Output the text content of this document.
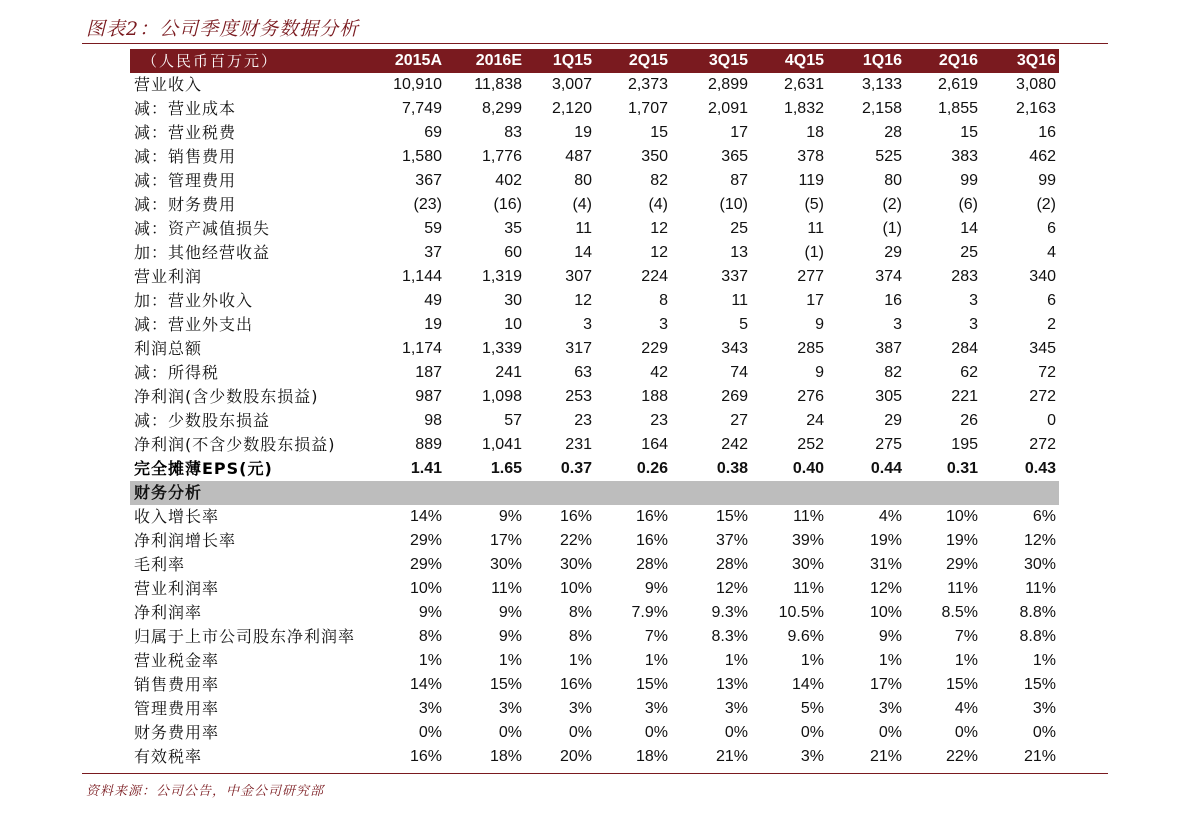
图表2：公司季度财务数据分析
（人民币百万元）	2015A	2016E	1Q15	2Q15	3Q15	4Q15	1Q16	2Q16	3Q16
营业收入	10,910	11,838	3,007	2,373	2,899	2,631	3,133	2,619	3,080
减：营业成本	7,749	8,299	2,120	1,707	2,091	1,832	2,158	1,855	2,163
减：营业税费	69	83	19	15	17	18	28	15	16
减：销售费用	1,580	1,776	487	350	365	378	525	383	462
减：管理费用	367	402	80	82	87	119	80	99	99
减：财务费用	(23)	(16)	(4)	(4)	(10)	(5)	(2)	(6)	(2)
减：资产减值损失	59	35	11	12	25	11	(1)	14	6
加：其他经营收益	37	60	14	12	13	(1)	29	25	4
营业利润	1,144	1,319	307	224	337	277	374	283	340
加：营业外收入	49	30	12	8	11	17	16	3	6
减：营业外支出	19	10	3	3	5	9	3	3	2
利润总额	1,174	1,339	317	229	343	285	387	284	345
减：所得税	187	241	63	42	74	9	82	62	72
净利润(含少数股东损益)	987	1,098	253	188	269	276	305	221	272
减：少数股东损益	98	57	23	23	27	24	29	26	0
净利润(不含少数股东损益)	889	1,041	231	164	242	252	275	195	272
完全摊薄EPS(元)	1.41	1.65	0.37	0.26	0.38	0.40	0.44	0.31	0.43
财务分析
收入增长率	14%	9%	16%	16%	15%	11%	4%	10%	6%
净利润增长率	29%	17%	22%	16%	37%	39%	19%	19%	12%
毛利率	29%	30%	30%	28%	28%	30%	31%	29%	30%
营业利润率	10%	11%	10%	9%	12%	11%	12%	11%	11%
净利润率	9%	9%	8%	7.9%	9.3%	10.5%	10%	8.5%	8.8%
归属于上市公司股东净利润率	8%	9%	8%	7%	8.3%	9.6%	9%	7%	8.8%
营业税金率	1%	1%	1%	1%	1%	1%	1%	1%	1%
销售费用率	14%	15%	16%	15%	13%	14%	17%	15%	15%
管理费用率	3%	3%	3%	3%	3%	5%	3%	4%	3%
财务费用率	0%	0%	0%	0%	0%	0%	0%	0%	0%
有效税率	16%	18%	20%	18%	21%	3%	21%	22%	21%
资料来源：公司公告，中金公司研究部
